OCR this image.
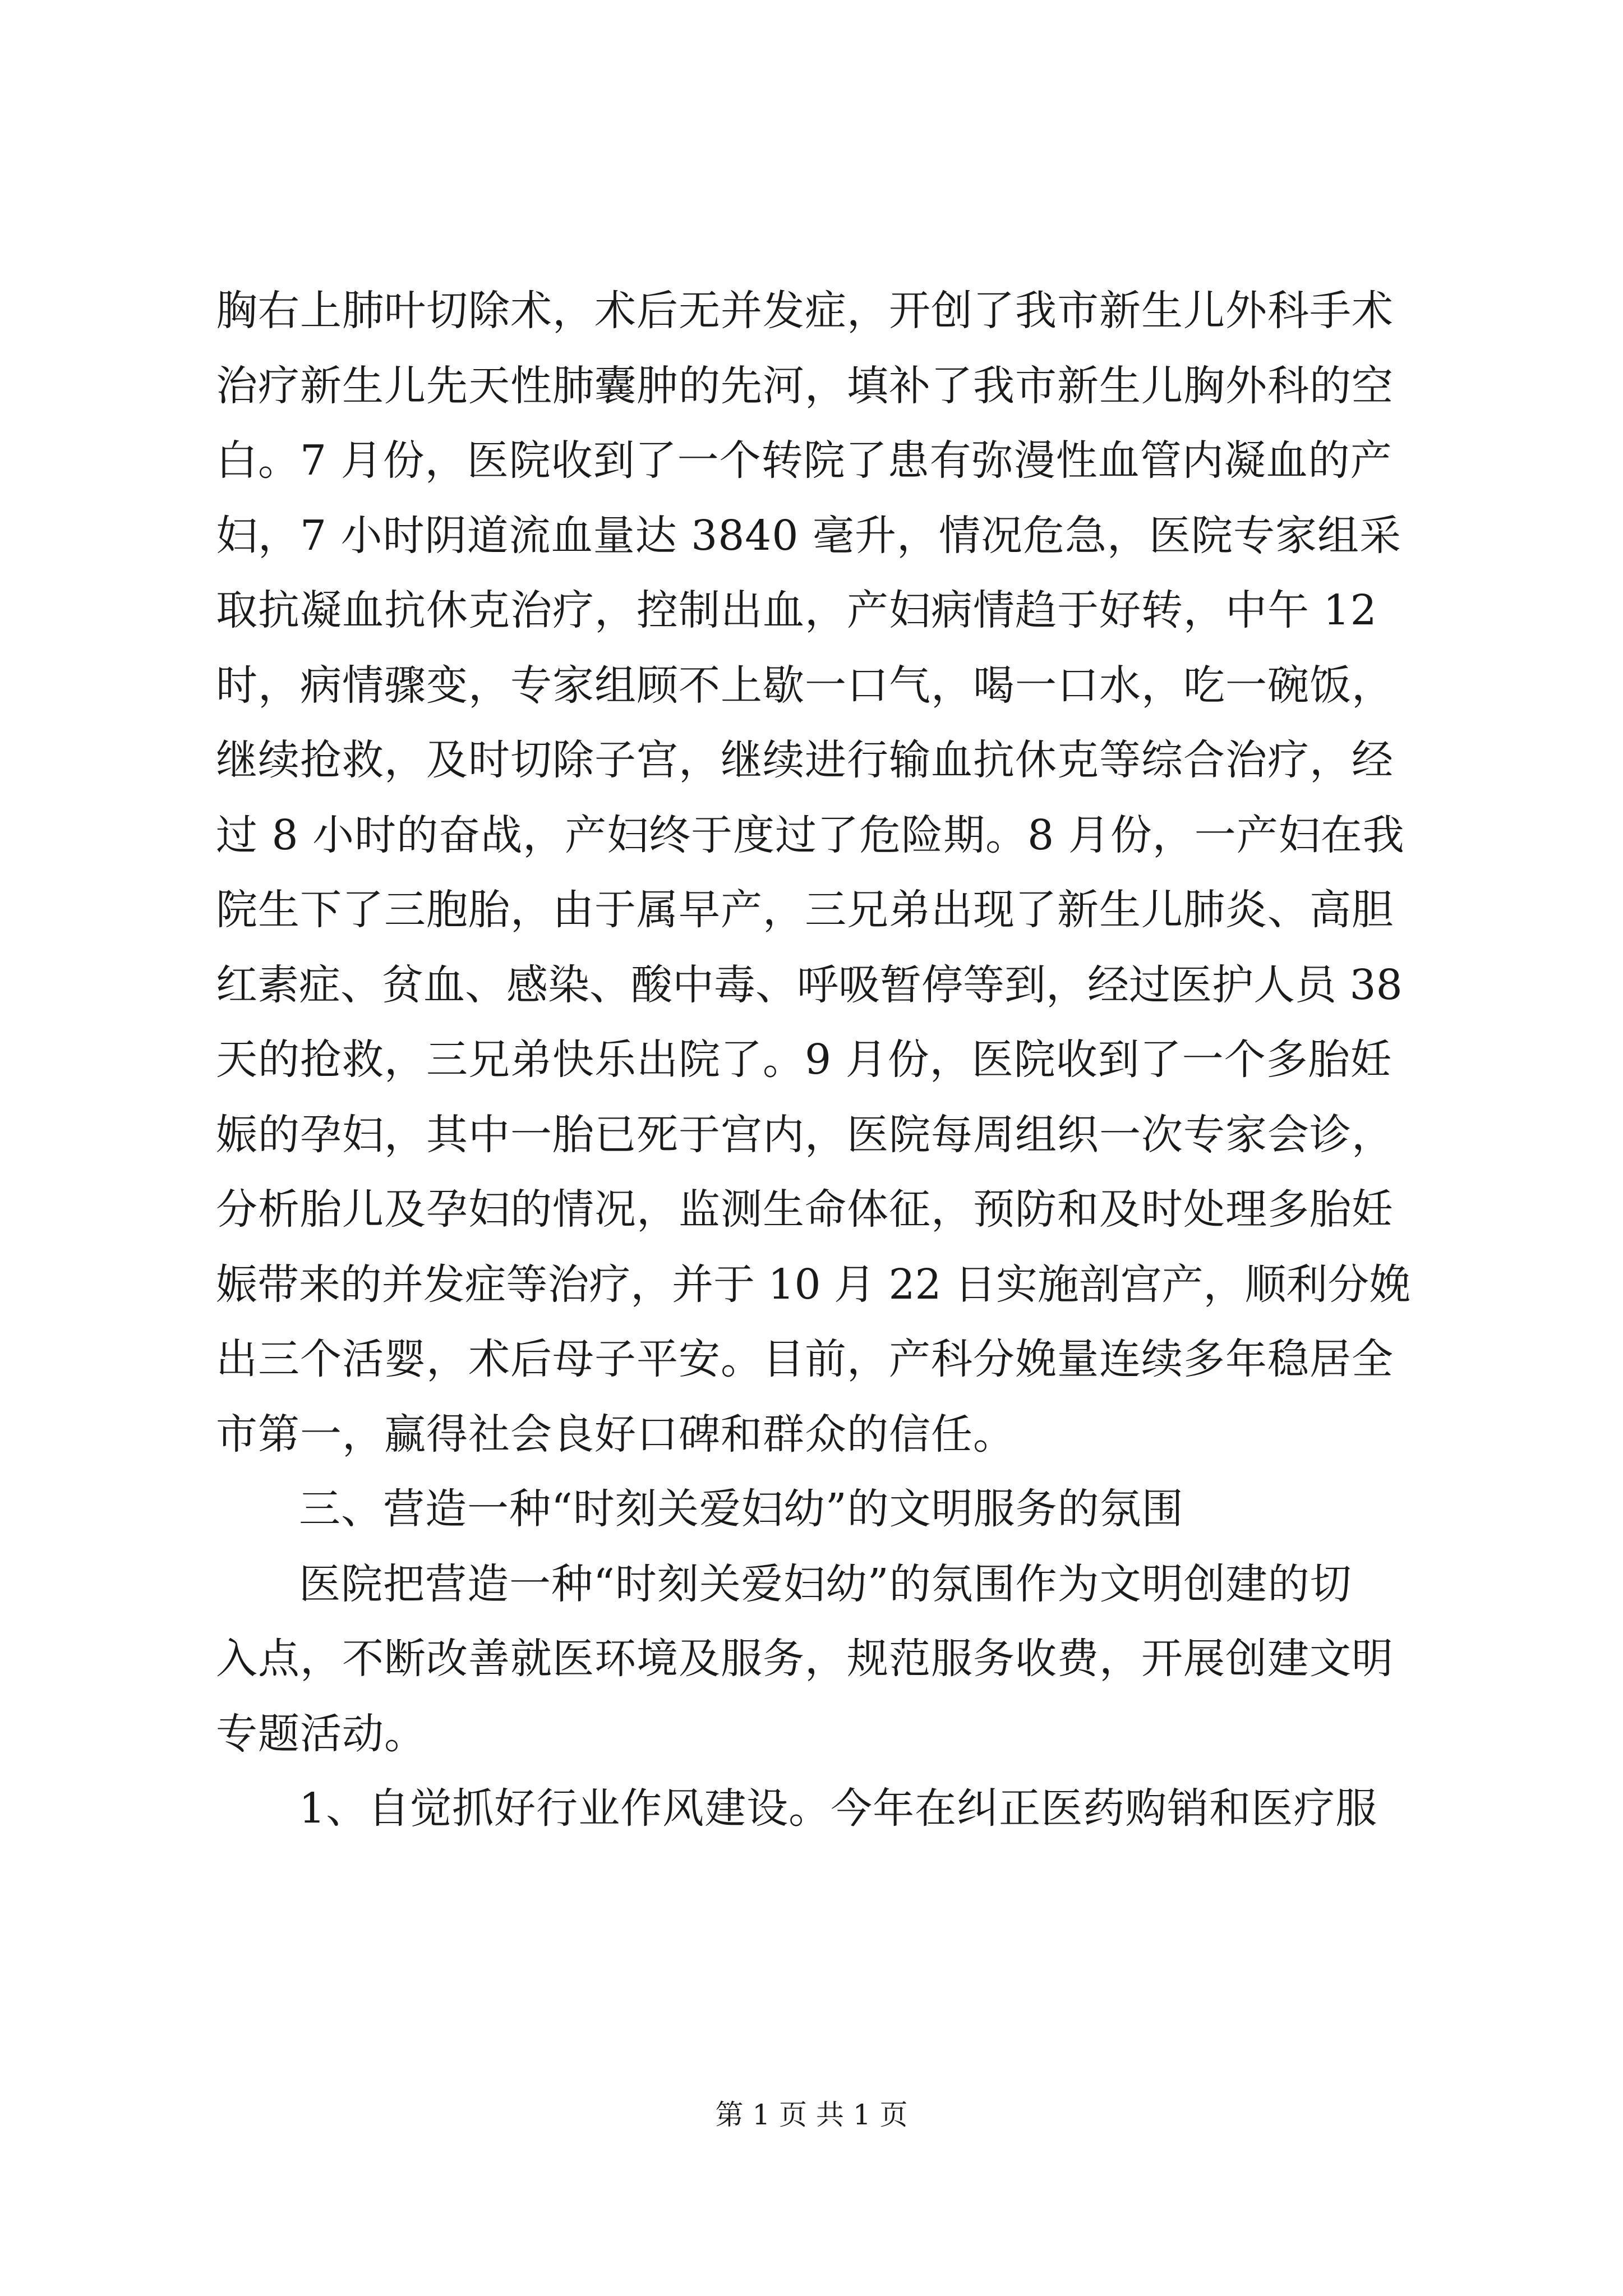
胸右上肺叶切除术，术后无并发症，开创了我市新生儿外科手术
治疗新生儿先天性肺囊肿的先河，填补了我市新生儿胸外科的空
白。7 月份，医院收到了一个转院了患有弥漫性血管内凝血的产
妇，7 小时阴道流血量达 3840 毫升，情况危急，医院专家组采
取抗凝血抗休克治疗，控制出血，产妇病情趋于好转，中午 12
时，病情骤变，专家组顾不上歇一口气，喝一口水，吃一碗饭，
继续抢救，及时切除子宫，继续进行输血抗休克等综合治疗，经
过 8 小时的奋战，产妇终于度过了危险期。8 月份，一产妇在我
院生下了三胞胎，由于属早产，三兄弟出现了新生儿肺炎、高胆
红素症、贫血、感染、酸中毒、呼吸暂停等到，经过医护人员 38
天的抢救，三兄弟快乐出院了。9 月份，医院收到了一个多胎妊
娠的孕妇，其中一胎已死于宫内，医院每周组织一次专家会诊，
分析胎儿及孕妇的情况，监测生命体征，预防和及时处理多胎妊
娠带来的并发症等治疗，并于 10 月 22 日实施剖宫产，顺利分娩
出三个活婴，术后母子平安。目前，产科分娩量连续多年稳居全
市第一，赢得社会良好口碑和群众的信任。
三、营造一种“时刻关爱妇幼”的文明服务的氛围
医院把营造一种“时刻关爱妇幼”的氛围作为文明创建的切
入点，不断改善就医环境及服务，规范服务收费，开展创建文明
专题活动。
1、自觉抓好行业作风建设。今年在纠正医药购销和医疗服
第 1 页 共 1 页
